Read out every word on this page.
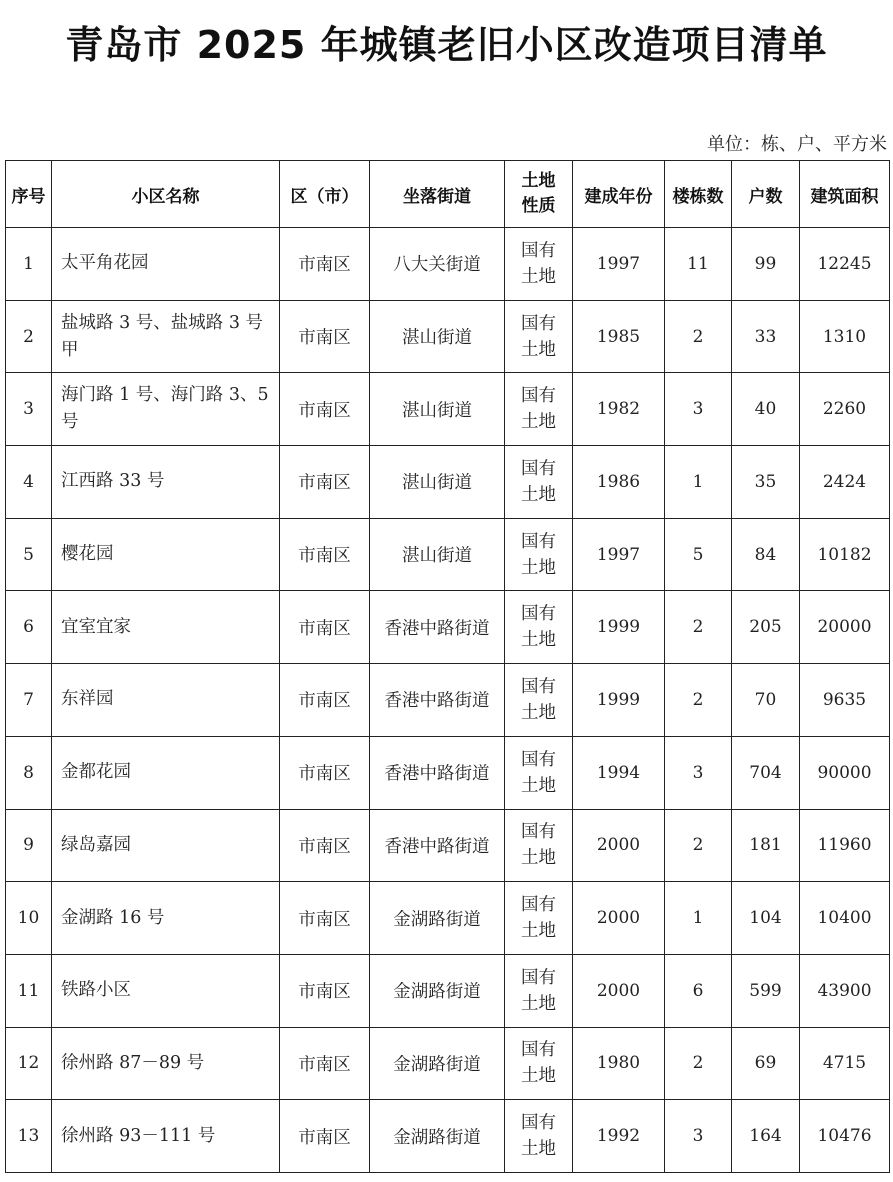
青岛市 2025 年城镇老旧小区改造项目清单
单位：栋、户、平方米
序号	小区名称	区（市）	坐落街道	土地性质	建成年份	楼栋数	户数	建筑面积
1	太平角花园	市南区	八大关街道	国有土地	1997	11	99	12245
2	盐城路 3 号、盐城路 3 号甲	市南区	湛山街道	国有土地	1985	2	33	1310
3	海门路 1 号、海门路 3、5 号	市南区	湛山街道	国有土地	1982	3	40	2260
4	江西路 33 号	市南区	湛山街道	国有土地	1986	1	35	2424
5	樱花园	市南区	湛山街道	国有土地	1997	5	84	10182
6	宜室宜家	市南区	香港中路街道	国有土地	1999	2	205	20000
7	东祥园	市南区	香港中路街道	国有土地	1999	2	70	9635
8	金都花园	市南区	香港中路街道	国有土地	1994	3	704	90000
9	绿岛嘉园	市南区	香港中路街道	国有土地	2000	2	181	11960
10	金湖路 16 号	市南区	金湖路街道	国有土地	2000	1	104	10400
11	铁路小区	市南区	金湖路街道	国有土地	2000	6	599	43900
12	徐州路 87－89 号	市南区	金湖路街道	国有土地	1980	2	69	4715
13	徐州路 93－111 号	市南区	金湖路街道	国有土地	1992	3	164	10476
